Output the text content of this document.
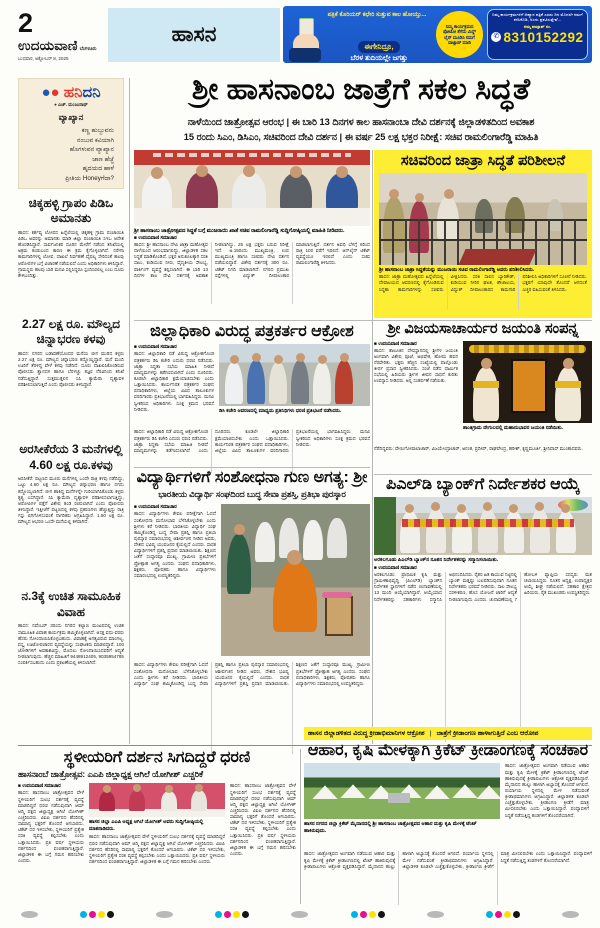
2
ಉದಯವಾಣಿ ಬೆಂಗಳೂರು
ಬುಧವಾರ, ಅಕ್ಟೋಬರ್ 8, 2025
ಹಾಸನ
ಪತ್ರಿಕೆ ಕೊರಿಯರ್ ಕಛೇರಿ ಸುತ್ತುವ ಕಾಲ ಹೋಯ್ತು...
ಈಗೇನಿದ್ರೂ,
ಬೆರಳ ತುದಿಯಲ್ಲೇ ಜಗತ್ತು
ನಿಮ್ಮ ಕಾರ್ಯಕ್ರಮದ ಫೋಟೋ ತೆಗೆದು ಮಿಸ್ಡ್ ಲೈನ್ ಮೂಡಿಸಿ ನಮಗೆ ವಾಟ್ಸಾಪ್ ಮಾಡಿ
ನಿಮ್ಮ ಕಾರ್ಯಕ್ರಮಗಳಿಗೆ ಆಹ್ವಾನ ಪತ್ರಿಕೆ ಎರಡು ದಿನ ಮೊದಲೇ ನಮಗೆ ಕಳಿಸಿಕೊಡಿ, ಅಂದು ಪ್ರಕಟಿಸುತ್ತೇವೆ...
ನಮ್ಮ ವಾಟ್ಸಾಪ್ ಸಂ.
✆ 8310152292
ಶ್ರೀ ಹಾಸನಾಂಬ ಜಾತ್ರೆಗೆ ಸಕಲ ಸಿದ್ಧತೆ
ನಾಳೆಯಿಂದ ಜಾತ್ರೋತ್ಸವ ಆರಂಭ | ಈ ಬಾರಿ 13 ದಿನಗಳ ಕಾಲ ಹಾಸನಾಂಬಾ ದೇವಿ ದರ್ಶನಕ್ಕೆ ಜಿಲ್ಲಾಡಳಿತದಿಂದ ಅವಕಾಶ
15 ರಂದು ಸಿಎಂ, ಡಿಸಿಎಂ, ಸಚಿವರಿಂದ ದೇವಿ ದರ್ಶನ | ಈ ವರ್ಷ 25 ಲಕ್ಷ ಭಕ್ತರ ನಿರೀಕ್ಷೆ: ಸಚಿವ ರಾಮಲಿಂಗಾರೆಡ್ಡಿ ಮಾಹಿತಿ
●● ಹನಿದನಿ
● ಎಚ್. ಮಂಜುನಾಥ್
ವ್ಯಾಖ್ಯಾನ
ಕಣ್ಣ ಹುಬ್ಬುವನು
ನಂಬುವ ಕವಿಯಾಗಿ
ಹೊಗಳುವನ ವ್ಯಾಖ್ಯಾನ
ಜಾಣ ಹೆಜ್ಜೆ
ಹೃದಯದ ಹಾಳೆ
ಪ್ರೀತಿಯ Honeyಗೆದಾ?
ಚಿಕ್ಕಹಳ್ಳಿ ಗ್ರಾಪಂ ಪಿಡಿಒ ಅಮಾನತು
ಹಾಸನ: ಕರ್ತವ್ಯ ಲೋಪದ ಹಿನ್ನೆಲೆಯಲ್ಲಿ ಚಿಕ್ಕಹಳ್ಳಿ ಗ್ರಾಮ ಪಂಚಾಯಿತಿ ಪಿಡಿಒ ಅವರನ್ನು ಅಮಾನತು ಮಾಡಿ ಜಿಲ್ಲಾ ಪಂಚಾಯಿತಿ ಸಿಇಒ ಆದೇಶ ಹೊರಡಿಸಿದ್ದಾರೆ. ಸಾರ್ವಜನಿಕರ ದೂರಿನ ಮೇರೆಗೆ ನಡೆಸಿದ ತನಿಖೆಯಲ್ಲಿ ಅಕ್ರಮ ಕಂಡುಬಂದ ಕಾರಣ ಈ ಕ್ರಮ ಕೈಗೊಳ್ಳಲಾಗಿದೆ. ನರೇಗಾ ಕಾಮಗಾರಿಗಳಲ್ಲಿ ಲೋಪ, ದಾಖಲೆ ನಿರ್ವಹಣೆ ವೈಫಲ್ಯ ಸೇರಿದಂತೆ ಹಲವು ಆರೋಪಗಳ ಬಗ್ಗೆ ವಿಚಾರಣೆ ನಡೆಯಲಿದೆ ಎಂದು ಅಧಿಕಾರಿಗಳು ತಿಳಿಸಿದ್ದಾರೆ. ಗ್ರಾಮಸ್ಥರು ಹಲವು ಬಾರಿ ಮನವಿ ಸಲ್ಲಿಸಿದ್ದರೂ ಸ್ಪಂದಿಸಿರಲಿಲ್ಲ ಎಂಬ ದೂರು ಕೇಳಿಬಂದಿತ್ತು.
2.27 ಲಕ್ಷ ರೂ. ಮೌಲ್ಯದ ಚಿನ್ನಾಭರಣ ಕಳವು
ಹಾಸನ: ನಗರದ ಬಡಾವಣೆಯೊಂದರ ಮನೆಯ ಬೀಗ ಮುರಿದ ಕಳ್ಳರು 2.27 ಲಕ್ಷ ರೂ. ಮೌಲ್ಯದ ಚಿನ್ನಾಭರಣ ಕದ್ದೊಯ್ದಿದ್ದಾರೆ. ಮನೆ ಮಂದಿ ಊರಿಗೆ ತೆರಳಿದ್ದ ವೇಳೆ ಕಳವು ನಡೆದಿದೆ. ದೂರು ದಾಖಲಿಸಿಕೊಂಡಿರುವ ಪೊಲೀಸರು ಶ್ವಾನದಳ ಹಾಗೂ ಬೆರಳಚ್ಚು ತಜ್ಞರ ನೆರವಿನಿಂದ ತನಿಖೆ ನಡೆಸುತ್ತಿದ್ದಾರೆ. ಸುತ್ತಮುತ್ತಲಿನ ಸಿಸಿ ಕ್ಯಾಮೆರಾ ದೃಶ್ಯಾವಳಿ ಪರಿಶೀಲಿಸಲಾಗುತ್ತಿದೆ ಎಂದು ಪೊಲೀಸರು ತಿಳಿಸಿದ್ದಾರೆ.
ಅರಸೀಕೆರೆಯ 3 ಮನೆಗಳಲ್ಲಿ 4.60 ಲಕ್ಷ ರೂ.ಕಳವು
ಅರಸೀಕೆರೆ: ಪಟ್ಟಣದ ಮೂರು ಮನೆಗಳಲ್ಲಿ ಒಂದೇ ರಾತ್ರಿ ಕಳವು ನಡೆದಿದ್ದು, ಒಟ್ಟು 4.60 ಲಕ್ಷ ರೂ. ಮೌಲ್ಯದ ಚಿನ್ನಾಭರಣ ಹಾಗೂ ನಗದು ಕದ್ದೊಯ್ಯಲಾಗಿದೆ. ಬೀಗ ಹಾಕಿದ್ದ ಮನೆಗಳನ್ನೇ ಗುರಿಯಾಗಿಸಿಕೊಂಡು ಕಳ್ಳರು ಕೃತ್ಯ ಎಸಗಿದ್ದಾರೆ. ಸಿಸಿ ಕ್ಯಾಮೆರಾ ದೃಶ್ಯಾವಳಿ ಪರಿಶೀಲಿಸಲಾಗುತ್ತಿದ್ದು, ಆರೋಪಿಗಳ ಪತ್ತೆಗೆ ವಿಶೇಷ ತಂಡ ರಚಿಸಲಾಗಿದೆ ಎಂದು ಪೊಲೀಸರು ತಿಳಿಸಿದ್ದಾರೆ. ಇತ್ತೀಚೆಗೆ ಪಟ್ಟಣದಲ್ಲಿ ಕಳವು ಪ್ರಕರಣಗಳು ಹೆಚ್ಚುತ್ತಿದ್ದು ರಾತ್ರಿ ಗಸ್ತು ಬಿಗಿಗೊಳಿಸುವಂತೆ ನಾಗರಿಕರು ಆಗ್ರಹಿಸಿದ್ದಾರೆ. 1.50 ಲಕ್ಷ ರೂ. ಮೌಲ್ಯದ ಆಭರಣ ಒಂದೇ ಮನೆಯಲ್ಲಿ ಕಳವಾಗಿದೆ.
ನ.3ಕ್ಕೆ ಉಚಿತ ಸಾಮೂಹಿಕ ವಿವಾಹ
ಹಾಸನ: ನವೆಂಬರ್ 3ರಂದು ನಗರದ ಕಲ್ಯಾಣ ಮಂಟಪದಲ್ಲಿ ಉಚಿತ ಸಾಮೂಹಿಕ ವಿವಾಹ ಕಾರ್ಯಕ್ರಮ ಹಮ್ಮಿಕೊಳ್ಳಲಾಗಿದೆ. ಆಸಕ್ತ ವಧು-ವರರು ಹೆಸರು ನೋಂದಾಯಿಸಿಕೊಳ್ಳಬಹುದು. ವಿವಾಹಕ್ಕೆ ಅಗತ್ಯವಿರುವ ಮಾಂಗಲ್ಯ, ವಸ್ತ್ರ, ಊಟೋಪಚಾರದ ವ್ಯವಸ್ಥೆಯನ್ನು ಸಂಘಟಕರು ಮಾಡಲಿದ್ದಾರೆ. 100 ಜೋಡಿಗಳಿಗೆ ಅವಕಾಶವಿದ್ದು, ಮೊದಲು ನೋಂದಾಯಿಸಿದವರಿಗೆ ಆದ್ಯತೆ ನೀಡಲಾಗುವುದು. ಹೆಚ್ಚಿನ ಮಾಹಿತಿಗೆ 9448912405, 9035954785 ಸಂಪರ್ಕಿಸಬಹುದು ಎಂದು ಪ್ರಕಟಣೆಯಲ್ಲಿ ತಿಳಿಸಲಾಗಿದೆ.
ಶ್ರೀ ಹಾಸನಾಂಬ ಜಾತ್ರೋತ್ಸವದ ಸಿದ್ಧತೆ ಬಗ್ಗೆ ಮುಜರಾಯಿ ಖಾತೆ ಸಚಿವ ರಾಮಲಿಂಗಾರೆಡ್ಡಿ ಸುದ್ದಿಗೋಷ್ಠಿಯಲ್ಲಿ ಮಾಹಿತಿ ನೀಡಿದರು.
■ ಉದಯವಾಣಿ ಸಮಾಚಾರ
ಹಾಸನ: ಶ್ರೀ ಹಾಸನಾಂಬ ದೇವಿ ಜಾತ್ರಾ ಮಹೋತ್ಸವ ನಾಳೆಯಿಂದ ಆರಂಭವಾಗಲಿದ್ದು, ಜಿಲ್ಲಾಡಳಿತ ಸಕಲ ಸಿದ್ಧತೆ ಮಾಡಿಕೊಂಡಿದೆ. ಭಕ್ತರ ಅನುಕೂಲಕ್ಕಾಗಿ ಸರತಿ ಸಾಲು, ಕುಡಿಯುವ ನೀರು, ವೈದ್ಯಕೀಯ ಸೌಲಭ್ಯ, ಪಾರ್ಕಿಂಗ್ ವ್ಯವಸ್ಥೆ ಕಲ್ಪಿಸಲಾಗಿದೆ. ಈ ಬಾರಿ 13 ದಿನಗಳ ಕಾಲ ದೇವಿ ದರ್ಶನಕ್ಕೆ ಅವಕಾಶ ನೀಡಲಾಗಿದ್ದು, 25 ಲಕ್ಷ ಭಕ್ತರು ಬರುವ ನಿರೀಕ್ಷೆ ಇದೆ. ಅ.15ರಂದು ಮುಖ್ಯಮಂತ್ರಿ, ಉಪ ಮುಖ್ಯಮಂತ್ರಿ ಹಾಗೂ ಸಚಿವರು ದೇವಿ ದರ್ಶನ ಪಡೆಯಲಿದ್ದಾರೆ. ವಿಶೇಷ ದರ್ಶನಕ್ಕೆ 300 ರೂ. ಟಿಕೆಟ್ ನಿಗದಿ ಮಾಡಲಾಗಿದೆ. ನಗರದ ಪ್ರಮುಖ ರಸ್ತೆಗಳಲ್ಲಿ ವಿದ್ಯುತ್ ದೀಪಾಲಂಕಾರ ಮಾಡಲಾಗುತ್ತಿದೆ. ದರ್ಶನ ಅವಧಿ ಬೆಳಗ್ಗೆ 6ರಿಂದ ರಾತ್ರಿ 10ರ ವರೆಗೆ ಇರಲಿದೆ. ಆನ್‌ಲೈನ್ ಟಿಕೆಟ್ ವ್ಯವಸ್ಥೆಯೂ ಇರಲಿದೆ ಎಂದು ಸಚಿವ ರಾಮಲಿಂಗಾರೆಡ್ಡಿ ತಿಳಿಸಿದರು.
ಸಚಿವರಿಂದ ಜಾತ್ರಾ ಸಿದ್ಧತೆ ಪರಿಶೀಲನೆ
ಶ್ರೀ ಹಾಸನಾಂಬ ಜಾತ್ರಾ ಸಿದ್ಧತೆಯನ್ನು ಮುಜರಾಯಿ ಸಚಿವ ರಾಮಲಿಂಗಾರೆಡ್ಡಿ ಅವರು ಪರಿಶೀಲಿಸಿದರು.
ಹಾಸನ: ಜಾತ್ರಾ ಮಹೋತ್ಸವದ ಹಿನ್ನೆಲೆಯಲ್ಲಿ ದೇವಾಲಯದ ಆವರಣದಲ್ಲಿ ಕೈಗೊಂಡಿರುವ ಸಿದ್ಧತಾ ಕಾಮಗಾರಿಗಳನ್ನು ಸಚಿವರು ವೀಕ್ಷಿಸಿದರು. ಸರತಿ ಸಾಲಿನ ಬ್ಯಾರಿಕೇಡ್, ಕುಡಿಯುವ ನೀರಿನ ಘಟಕ, ಶೌಚಾಲಯ, ವಿದ್ಯುತ್ ದೀಪಾಲಂಕಾರದ ಕಾಮಗಾರಿ ಪರಿಶೀಲಿಸಿ ಅಧಿಕಾರಿಗಳಿಗೆ ಸೂಚನೆ ನೀಡಿದರು. ಭಕ್ತರಿಗೆ ಯಾವುದೇ ತೊಂದರೆ ಆಗದಂತೆ ಎಚ್ಚರ ವಹಿಸುವಂತೆ ತಿಳಿಸಿದರು.
ಜಿಲ್ಲಾಧಿಕಾರಿ ವಿರುದ್ಧ ಪತ್ರಕರ್ತರ ಆಕ್ರೋಶ
■ ಉದಯವಾಣಿ ಸಮಾಚಾರ
ಹಾಸನ: ಜಿಲ್ಲಾಧಿಕಾರಿ ನಡೆ ವಿರುದ್ಧ ಆಕ್ರೋಶಗೊಂಡ ಪತ್ರಕರ್ತರು ಡಿಸಿ ಕಚೇರಿ ಎದುರು ಧರಣಿ ನಡೆಸಿದರು. ಜಾತ್ರಾ ಸಿದ್ಧತಾ ಸಭೆಯ ಮಾಹಿತಿ ನೀಡದೆ ಮಾಧ್ಯಮಗಳನ್ನು ಕಡೆಗಣಿಸಲಾಗಿದೆ ಎಂದು ದೂರಿದರು. ಕೂಡಲೇ ಜಿಲ್ಲಾಧಿಕಾರಿ ಕ್ಷಮೆಯಾಚಿಸಬೇಕು ಎಂದು ಒತ್ತಾಯಿಸಿದರು. ಕಾರ್ಯನಿರತ ಪತ್ರಕರ್ತರ ಸಂಘದ ಪದಾಧಿಕಾರಿಗಳು, ಜಿಲ್ಲೆಯ ವಿವಿಧ ತಾಲೂಕುಗಳ ವರದಿಗಾರರು ಪ್ರತಿಭಟನೆಯಲ್ಲಿ ಭಾಗವಹಿಸಿದ್ದರು. ಮನವಿ ಸ್ವೀಕರಿಸಿದ ಅಧಿಕಾರಿಗಳು ಸೂಕ್ತ ಕ್ರಮದ ಭರವಸೆ ನೀಡಿದರು.	ಡಿಸಿ ಕಚೇರಿ ಆವರಣದಲ್ಲಿ ಮಾಧ್ಯಮ ಪ್ರತಿನಿಧಿಗಳು ಧರಣಿ ಪ್ರತಿಭಟನೆ ನಡೆಸಿದರು.
ಹಾಸನ: ಜಿಲ್ಲಾಧಿಕಾರಿ ನಡೆ ವಿರುದ್ಧ ಆಕ್ರೋಶಗೊಂಡ ಪತ್ರಕರ್ತರು ಡಿಸಿ ಕಚೇರಿ ಎದುರು ಧರಣಿ ನಡೆಸಿದರು. ಜಾತ್ರಾ ಸಿದ್ಧತಾ ಸಭೆಯ ಮಾಹಿತಿ ನೀಡದೆ ಮಾಧ್ಯಮಗಳನ್ನು ಕಡೆಗಣಿಸಲಾಗಿದೆ ಎಂದು ದೂರಿದರು. ಕೂಡಲೇ ಜಿಲ್ಲಾಧಿಕಾರಿ ಕ್ಷಮೆಯಾಚಿಸಬೇಕು ಎಂದು ಒತ್ತಾಯಿಸಿದರು. ಕಾರ್ಯನಿರತ ಪತ್ರಕರ್ತರ ಸಂಘದ ಪದಾಧಿಕಾರಿಗಳು, ಜಿಲ್ಲೆಯ ವಿವಿಧ ತಾಲೂಕುಗಳ ವರದಿಗಾರರು ಪ್ರತಿಭಟನೆಯಲ್ಲಿ ಭಾಗವಹಿಸಿದ್ದರು. ಮನವಿ ಸ್ವೀಕರಿಸಿದ ಅಧಿಕಾರಿಗಳು ಸೂಕ್ತ ಕ್ರಮದ ಭರವಸೆ ನೀಡಿದರು.
ಶ್ರೀ ವಿಜಯಸಾಚಾರ್ಯರ ಜಯಂತಿ ಸಂಪನ್ನ
■ ಉದಯವಾಣಿ ಸಮಾಚಾರ
ಹಾಸನ: ತಾಲೂಕಿನ ದೇವಸ್ಥಾನದಲ್ಲಿ ಶ್ರೀಗಳ ಜಯಂತಿ ಅಂಗವಾಗಿ ವಿಶೇಷ ಪೂಜೆ, ಅಭಿಷೇಕ, ಹೋಮ ಹವನ ನೆರವೇರಿತು. ಭಕ್ತರು ಹೆಚ್ಚಿನ ಸಂಖ್ಯೆಯಲ್ಲಿ ಪಾಲ್ಗೊಂಡು ತೀರ್ಥ ಪ್ರಸಾದ ಸ್ವೀಕರಿಸಿದರು. ಸಂಜೆ ನಡೆದ ಧಾರ್ಮಿಕ ಸಭೆಯಲ್ಲಿ ಹಿರಿಯರು ಶ್ರೀಗಳ ಜೀವನ ಸಾಧನೆ ಕುರಿತು ಉಪನ್ಯಾಸ ನೀಡಿದರು. ಅನ್ನ ಸಂತರ್ಪಣೆ ನಡೆಯಿತು.
ಶಾಂತಿಗ್ರಾಮ ದೇಗುಲದಲ್ಲಿ ಮಹಾನುಭಾವರ ಜಯಂತಿ ನಡೆಯಿತು.
ನೆರೆದಿದ್ದವರು: ವೇಣುಗೋಪಾಲಾಚಾರ್, ವಿಜಯೇಂದ್ರಾಚಾರ್, ಅನಂತ, ಪ್ರದೀಪ್, ರಾಘವೇಂದ್ರ, ಹರೀಶ್, ಕೃಷ್ಣಮೂರ್ತಿ, ಶ್ರೀನಿವಾಸ್ ಮುಂತಾದವರು.
ವಿದ್ಯಾರ್ಥಿಗಳಿಗೆ ಸಂಶೋಧನಾ ಗುಣ ಅಗತ್ಯ: ಶ್ರೀ
ಭಾರತೀಯ ವಿದ್ಯಾರ್ಥಿ ಸಂಘದಿಂದ ಬುದ್ಧ ಸೇವಾ ಪ್ರಶಸ್ತಿ, ಪ್ರತಿಭಾ ಪುರಸ್ಕಾರ
■ ಉದಯವಾಣಿ ಸಮಾಚಾರ
ಹಾಸನ: ವಿದ್ಯಾರ್ಥಿಗಳು ಕೇವಲ ಪರೀಕ್ಷೆಗಾಗಿ ಓದದೆ ಸಂಶೋಧನಾ ಮನೋಭಾವ ಬೆಳೆಸಿಕೊಳ್ಳಬೇಕು ಎಂದು ಶ್ರೀಗಳು ಕರೆ ನೀಡಿದರು. ಭಾರತೀಯ ವಿದ್ಯಾರ್ಥಿ ಸಂಘ ಹಮ್ಮಿಕೊಂಡಿದ್ದ ಬುದ್ಧ ಸೇವಾ ಪ್ರಶಸ್ತಿ ಹಾಗೂ ಪ್ರತಿಭಾ ಪುರಸ್ಕಾರ ಸಮಾರಂಭದಲ್ಲಿ ಆಶೀರ್ವಚನ ನೀಡಿದ ಅವರು, ದೇಶದ ಭವಿಷ್ಯ ಯುವಜನರ ಕೈಯಲ್ಲಿದೆ ಎಂದರು. ಸಾಧಕ ವಿದ್ಯಾರ್ಥಿಗಳಿಗೆ ಪ್ರಶಸ್ತಿ ಪ್ರದಾನ ಮಾಡಲಾಯಿತು. ಶಿಕ್ಷಣದ ಜತೆಗೆ ಸಂಸ್ಕಾರವೂ ಮುಖ್ಯ. ಗ್ರಾಮೀಣ ಪ್ರತಿಭೆಗಳಿಗೆ ಪ್ರೋತ್ಸಾಹ ಅಗತ್ಯ ಎಂದರು. ಸಂಘದ ಪದಾಧಿಕಾರಿಗಳು, ಶಿಕ್ಷಕರು, ಪೋಷಕರು ಹಾಗೂ ವಿದ್ಯಾರ್ಥಿಗಳು ಸಮಾರಂಭದಲ್ಲಿ ಉಪಸ್ಥಿತರಿದ್ದರು.
ಹಾಸನ: ವಿದ್ಯಾರ್ಥಿಗಳು ಕೇವಲ ಪರೀಕ್ಷೆಗಾಗಿ ಓದದೆ ಸಂಶೋಧನಾ ಮನೋಭಾವ ಬೆಳೆಸಿಕೊಳ್ಳಬೇಕು ಎಂದು ಶ್ರೀಗಳು ಕರೆ ನೀಡಿದರು. ಭಾರತೀಯ ವಿದ್ಯಾರ್ಥಿ ಸಂಘ ಹಮ್ಮಿಕೊಂಡಿದ್ದ ಬುದ್ಧ ಸೇವಾ ಪ್ರಶಸ್ತಿ ಹಾಗೂ ಪ್ರತಿಭಾ ಪುರಸ್ಕಾರ ಸಮಾರಂಭದಲ್ಲಿ ಆಶೀರ್ವಚನ ನೀಡಿದ ಅವರು, ದೇಶದ ಭವಿಷ್ಯ ಯುವಜನರ ಕೈಯಲ್ಲಿದೆ ಎಂದರು. ಸಾಧಕ ವಿದ್ಯಾರ್ಥಿಗಳಿಗೆ ಪ್ರಶಸ್ತಿ ಪ್ರದಾನ ಮಾಡಲಾಯಿತು. ಶಿಕ್ಷಣದ ಜತೆಗೆ ಸಂಸ್ಕಾರವೂ ಮುಖ್ಯ. ಗ್ರಾಮೀಣ ಪ್ರತಿಭೆಗಳಿಗೆ ಪ್ರೋತ್ಸಾಹ ಅಗತ್ಯ ಎಂದರು. ಸಂಘದ ಪದಾಧಿಕಾರಿಗಳು, ಶಿಕ್ಷಕರು, ಪೋಷಕರು ಹಾಗೂ ವಿದ್ಯಾರ್ಥಿಗಳು ಸಮಾರಂಭದಲ್ಲಿ ಉಪಸ್ಥಿತರಿದ್ದರು.
ಪಿಎಲ್‌ಡಿ ಬ್ಯಾಂಕ್‌ಗೆ ನಿರ್ದೇಶಕರ ಆಯ್ಕೆ
ಅರಕಲಗೂಡು ಪಿಎಲ್‌ಡಿ ಬ್ಯಾಂಕ್‌ನ ನೂತನ ನಿರ್ದೇಶಕರನ್ನು ಸನ್ಮಾನಿಸಲಾಯಿತು.
■ ಉದಯವಾಣಿ ಸಮಾಚಾರ
ಅರಕಲಗೂಡು: ಪ್ರಾಥಮಿಕ ಕೃಷಿ ಮತ್ತು ಗ್ರಾಮೀಣಾಭಿವೃದ್ಧಿ (ಪಿಎಲ್‌ಡಿ) ಬ್ಯಾಂಕ್‌ನ ನಿರ್ದೇಶಕ ಸ್ಥಾನಗಳಿಗೆ ನಡೆದ ಚುನಾವಣೆಯಲ್ಲಿ 13 ಮಂದಿ ಆಯ್ಕೆಯಾಗಿದ್ದಾರೆ. ಆಯ್ಕೆಯಾದ ನಿರ್ದೇಶಕರನ್ನು ಸಹಕಾರಿಗಳು ಸನ್ಮಾನಿಸಿ ಅಭಿನಂದಿಸಿದರು. ರೈತರ ಹಿತ ಕಾಯುವ ನಿಟ್ಟಿನಲ್ಲಿ ಬ್ಯಾಂಕ್ ಮತ್ತಷ್ಟು ಬಲಪಡಿಸುವುದಾಗಿ ನೂತನ ನಿರ್ದೇಶಕರು ಭರವಸೆ ನೀಡಿದರು. ಸಾಲ ಸೌಲಭ್ಯ ಸರಳೀಕರಣ, ಹೊಸ ಯೋಜನೆ ಜಾರಿಗೆ ಆದ್ಯತೆ ನೀಡಲಾಗುವುದು ಎಂದರು. ಚುನಾವಣೆಯಲ್ಲಿ 7 ಹೋಬಳಿ ವ್ಯಾಪ್ತಿಯ ಸದಸ್ಯರು ಮತ ಚಲಾಯಿಸಿದ್ದರು. ನೂತನ ಅಧ್ಯಕ್ಷ, ಉಪಾಧ್ಯಕ್ಷರ ಆಯ್ಕೆ ಶೀಘ್ರ ನಡೆಯಲಿದೆ. ಸಹಕಾರ ಕ್ಷೇತ್ರದ ಹಿರಿಯರು, ರೈತ ಮುಖಂಡರು ಉಪಸ್ಥಿತರಿದ್ದರು.
ಸ್ಥಳೀಯರಿಗೆ ದರ್ಶನ ಸಿಗದಿದ್ದರೆ ಧರಣಿ
ಹಾಸನಾಂಬೆ ಜಾತ್ರೋತ್ಸವ: ಎಎಪಿ ಜಿಲ್ಲಾಧ್ಯಕ್ಷ ಆಗಿಲೆ ಯೋಗೀಶ್ ಎಚ್ಚರಿಕೆ
■ ಉದಯವಾಣಿ ಸಮಾಚಾರ
ಹಾಸನ: ಹಾಸನಾಂಬ ಜಾತ್ರೋತ್ಸವದ ವೇಳೆ ಸ್ಥಳೀಯರಿಗೆ ಸುಲಭ ದರ್ಶನಕ್ಕೆ ವ್ಯವಸ್ಥೆ ಮಾಡದಿದ್ದರೆ ಧರಣಿ ನಡೆಸುವುದಾಗಿ ಆಮ್ ಆದ್ಮಿ ಪಕ್ಷದ ಜಿಲ್ಲಾಧ್ಯಕ್ಷ ಆಗಿಲೆ ಯೋಗೀಶ್ ಎಚ್ಚರಿಸಿದರು. ವಿಐಪಿ ದರ್ಶನದ ಹೆಸರಿನಲ್ಲಿ ಸಾಮಾನ್ಯ ಭಕ್ತರಿಗೆ ತೊಂದರೆ ಆಗಬಾರದು. ಟಿಕೆಟ್ ದರ ಇಳಿಸಬೇಕು, ಸ್ಥಳೀಯರಿಗೆ ಪ್ರತ್ಯೇಕ ಸರತಿ ವ್ಯವಸ್ಥೆ ಕಲ್ಪಿಸಬೇಕು ಎಂದು ಒತ್ತಾಯಿಸಿದರು. ಪ್ರತಿ ವರ್ಷ ಸ್ಥಳೀಯರು ದರ್ಶನದಿಂದ ವಂಚಿತರಾಗುತ್ತಿದ್ದಾರೆ. ಜಿಲ್ಲಾಡಳಿತ ಈ ಬಗ್ಗೆ ಗಮನ ಹರಿಸಬೇಕು ಎಂದರು.
ಹಾಸನ ಜಿಲ್ಲಾ ಎಎಪಿ ಅಧ್ಯಕ್ಷ ಆಗಿಲೆ ಯೋಗೀಶ್ ಅವರು ಸುದ್ದಿಗೋಷ್ಠಿಯಲ್ಲಿ ಮಾತನಾಡಿದರು.
ಹಾಸನ: ಹಾಸನಾಂಬ ಜಾತ್ರೋತ್ಸವದ ವೇಳೆ ಸ್ಥಳೀಯರಿಗೆ ಸುಲಭ ದರ್ಶನಕ್ಕೆ ವ್ಯವಸ್ಥೆ ಮಾಡದಿದ್ದರೆ ಧರಣಿ ನಡೆಸುವುದಾಗಿ ಆಮ್ ಆದ್ಮಿ ಪಕ್ಷದ ಜಿಲ್ಲಾಧ್ಯಕ್ಷ ಆಗಿಲೆ ಯೋಗೀಶ್ ಎಚ್ಚರಿಸಿದರು. ವಿಐಪಿ ದರ್ಶನದ ಹೆಸರಿನಲ್ಲಿ ಸಾಮಾನ್ಯ ಭಕ್ತರಿಗೆ ತೊಂದರೆ ಆಗಬಾರದು. ಟಿಕೆಟ್ ದರ ಇಳಿಸಬೇಕು, ಸ್ಥಳೀಯರಿಗೆ ಪ್ರತ್ಯೇಕ ಸರತಿ ವ್ಯವಸ್ಥೆ ಕಲ್ಪಿಸಬೇಕು ಎಂದು ಒತ್ತಾಯಿಸಿದರು. ಪ್ರತಿ ವರ್ಷ ಸ್ಥಳೀಯರು ದರ್ಶನದಿಂದ ವಂಚಿತರಾಗುತ್ತಿದ್ದಾರೆ. ಜಿಲ್ಲಾಡಳಿತ ಈ ಬಗ್ಗೆ ಗಮನ ಹರಿಸಬೇಕು ಎಂದರು.
ಹಾಸನ: ಹಾಸನಾಂಬ ಜಾತ್ರೋತ್ಸವದ ವೇಳೆ ಸ್ಥಳೀಯರಿಗೆ ಸುಲಭ ದರ್ಶನಕ್ಕೆ ವ್ಯವಸ್ಥೆ ಮಾಡದಿದ್ದರೆ ಧರಣಿ ನಡೆಸುವುದಾಗಿ ಆಮ್ ಆದ್ಮಿ ಪಕ್ಷದ ಜಿಲ್ಲಾಧ್ಯಕ್ಷ ಆಗಿಲೆ ಯೋಗೀಶ್ ಎಚ್ಚರಿಸಿದರು. ವಿಐಪಿ ದರ್ಶನದ ಹೆಸರಿನಲ್ಲಿ ಸಾಮಾನ್ಯ ಭಕ್ತರಿಗೆ ತೊಂದರೆ ಆಗಬಾರದು. ಟಿಕೆಟ್ ದರ ಇಳಿಸಬೇಕು, ಸ್ಥಳೀಯರಿಗೆ ಪ್ರತ್ಯೇಕ ಸರತಿ ವ್ಯವಸ್ಥೆ ಕಲ್ಪಿಸಬೇಕು ಎಂದು ಒತ್ತಾಯಿಸಿದರು. ಪ್ರತಿ ವರ್ಷ ಸ್ಥಳೀಯರು ದರ್ಶನದಿಂದ ವಂಚಿತರಾಗುತ್ತಿದ್ದಾರೆ. ಜಿಲ್ಲಾಡಳಿತ ಈ ಬಗ್ಗೆ ಗಮನ ಹರಿಸಬೇಕು ಎಂದರು.
ಹಾಸನ ಜಿಲ್ಲಾಡಳಿತದ ವಿರುದ್ಧ ಕ್ರೀಡಾಭಿಮಾನಿಗಳ ಆಕ್ರೋಶ | ಜಾತ್ರೆಗೆ ಕ್ರೀಡಾಂಗಣ ಹಾಳಾಗುತ್ತಿದೆ ಎಂಬ ಆರೋಪ
ಆಹಾರ, ಕೃಷಿ ಮೇಳಕ್ಕಾಗಿ ಕ್ರಿಕೆಟ್ ಕ್ರೀಡಾಂಗಣಕ್ಕೆ ಸಂಚಕಾರ
ಹಾಸನ ನಗರದ ಜಿಲ್ಲಾ ಕ್ರಿಕೆಟ್ ಮೈದಾನದಲ್ಲಿ ಶ್ರೀ ಹಾಸನಾಂಬ ಜಾತ್ರೋತ್ಸವದ ಆಹಾರ ಮತ್ತು ಕೃಷಿ ಮೇಳಕ್ಕೆ ಟೆಂಟ್ ಹಾಕಿರುವುದು.
ಹಾಸನ: ಜಾತ್ರೋತ್ಸವದ ಅಂಗವಾಗಿ ನಡೆಯುವ ಆಹಾರ ಮತ್ತು ಕೃಷಿ ಮೇಳಕ್ಕೆ ಕ್ರಿಕೆಟ್ ಕ್ರೀಡಾಂಗಣದಲ್ಲಿ ಟೆಂಟ್ ಹಾಕಿರುವುದಕ್ಕೆ ಕ್ರೀಡಾಪಟುಗಳು ಆಕ್ರೋಶ ವ್ಯಕ್ತಪಡಿಸಿದ್ದಾರೆ. ಮೈದಾನದ ಹುಲ್ಲು ಹಾಳಾಗಿ ಅಭ್ಯಾಸಕ್ಕೆ ತೊಂದರೆ ಆಗಲಿದೆ. ಪರ್ಯಾಯ ಸ್ಥಳದಲ್ಲಿ ಮೇಳ ನಡೆಸುವಂತೆ ಕ್ರೀಡಾಭಿಮಾನಿಗಳು ಆಗ್ರಹಿಸಿದ್ದಾರೆ. ಜಿಲ್ಲಾಡಳಿತ ಕೂಡಲೇ ಎಚ್ಚೆತ್ತುಕೊಳ್ಳಬೇಕು, ಕ್ರೀಡಾಂಗಣ ಕ್ರೀಡೆಗೆ ಮಾತ್ರ ಮೀಸಲಿರಬೇಕು ಎಂದು ಒತ್ತಾಯಿಸಿದ್ದಾರೆ. ಪಂದ್ಯಾವಳಿಗೆ ಸಿದ್ಧತೆ ನಡೆಸುತ್ತಿದ್ದ ತಂಡಗಳಿಗೆ ತೊಂದರೆಯಾಗಿದೆ.
ಹಾಸನ: ಜಾತ್ರೋತ್ಸವದ ಅಂಗವಾಗಿ ನಡೆಯುವ ಆಹಾರ ಮತ್ತು ಕೃಷಿ ಮೇಳಕ್ಕೆ ಕ್ರಿಕೆಟ್ ಕ್ರೀಡಾಂಗಣದಲ್ಲಿ ಟೆಂಟ್ ಹಾಕಿರುವುದಕ್ಕೆ ಕ್ರೀಡಾಪಟುಗಳು ಆಕ್ರೋಶ ವ್ಯಕ್ತಪಡಿಸಿದ್ದಾರೆ. ಮೈದಾನದ ಹುಲ್ಲು ಹಾಳಾಗಿ ಅಭ್ಯಾಸಕ್ಕೆ ತೊಂದರೆ ಆಗಲಿದೆ. ಪರ್ಯಾಯ ಸ್ಥಳದಲ್ಲಿ ಮೇಳ ನಡೆಸುವಂತೆ ಕ್ರೀಡಾಭಿಮಾನಿಗಳು ಆಗ್ರಹಿಸಿದ್ದಾರೆ. ಜಿಲ್ಲಾಡಳಿತ ಕೂಡಲೇ ಎಚ್ಚೆತ್ತುಕೊಳ್ಳಬೇಕು, ಕ್ರೀಡಾಂಗಣ ಕ್ರೀಡೆಗೆ ಮಾತ್ರ ಮೀಸಲಿರಬೇಕು ಎಂದು ಒತ್ತಾಯಿಸಿದ್ದಾರೆ. ಪಂದ್ಯಾವಳಿಗೆ ಸಿದ್ಧತೆ ನಡೆಸುತ್ತಿದ್ದ ತಂಡಗಳಿಗೆ ತೊಂದರೆಯಾಗಿದೆ.
